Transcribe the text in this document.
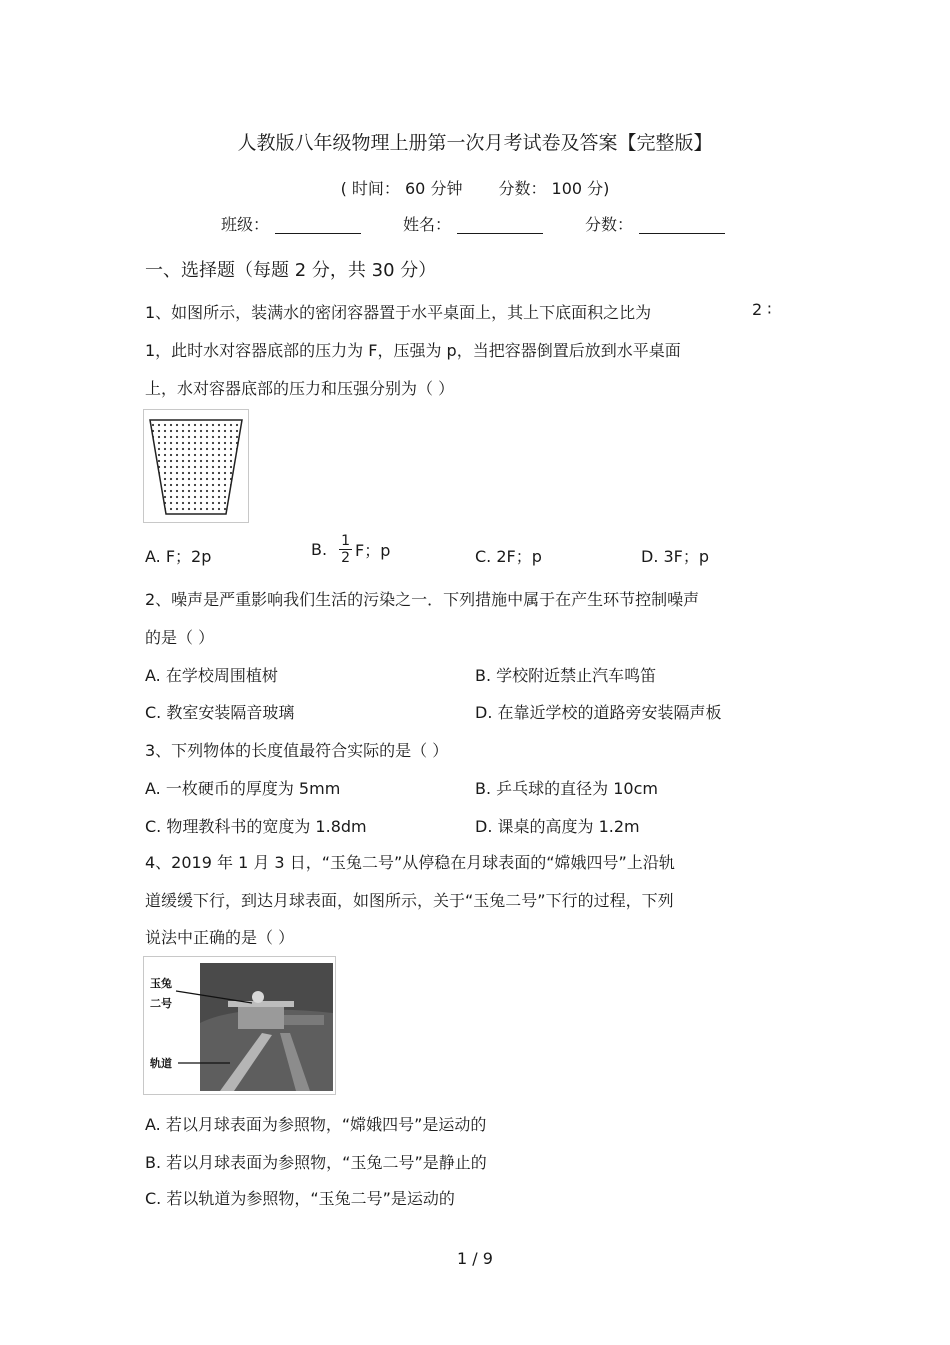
人教版八年级物理上册第一次月考试卷及答案【完整版】
( 时间： 60 分钟 分数： 100 分)
班级：	姓名：	分数：
一、选择题（每题 2 分，共 30 分）
1、如图所示，装满水的密闭容器置于水平桌面上，其上下底面积之比为	2 ∶
1，此时水对容器底部的压力为 F，压强为 p，当把容器倒置后放到水平桌面
上，水对容器底部的压力和压强分别为（ ）
A. F；2p	B. $\frac{1}{2}$ F；p	C. 2F；p	D. 3F；p
2、噪声是严重影响我们生活的污染之一．下列措施中属于在产生环节控制噪声
的是（ ）
A. 在学校周围植树	B. 学校附近禁止汽车鸣笛
C. 教室安装隔音玻璃	D. 在靠近学校的道路旁安装隔声板
3、下列物体的长度值最符合实际的是（ ）
A. 一枚硬币的厚度为 5mm	B. 乒乓球的直径为 10cm
C. 物理教科书的宽度为 1.8dm	D. 课桌的高度为 1.2m
4、2019 年 1 月 3 日，“玉兔二号”从停稳在月球表面的“嫦娥四号”上沿轨
道缓缓下行，到达月球表面，如图所示，关于“玉兔二号”下行的过程，下列
说法中正确的是（ ）
玉兔
二号
轨道
A. 若以月球表面为参照物，“嫦娥四号”是运动的
B. 若以月球表面为参照物，“玉兔二号”是静止的
C. 若以轨道为参照物，“玉兔二号”是运动的
1 / 9
